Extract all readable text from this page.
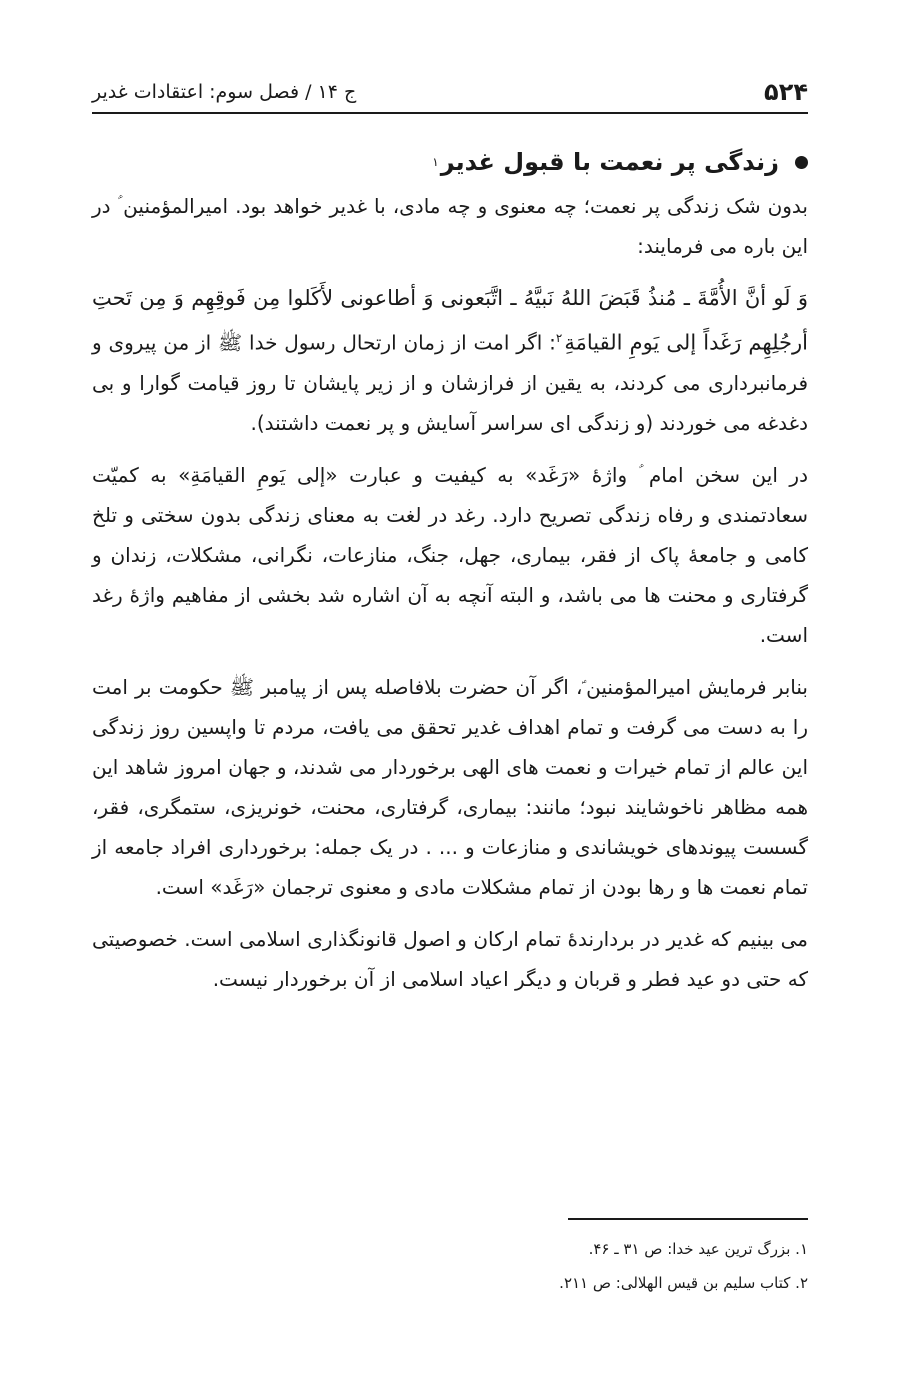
۵۲۴
ج ۱۴ / فصل سوم: اعتقادات غدیر
زندگی پر نعمت با قبول غدیر
۱

بدون شک زندگی پر نعمت؛ چه معنوی و چه مادی، با غدیر خواهد بود. امیرالمؤمنین ؑ در این باره می فرمایند:

وَ لَو أنَّ الأُمَّةَ ـ مُنذُ قَبَضَ اللهُ نَبیَّهُ ـ اتَّبَعونی وَ أطاعونی لأَکَلوا مِن فَوقِهِم وَ مِن تَحتِ أرجُلِهِم رَغَداً إلی یَومِ القیامَةِ$^۲$: اگر امت از زمان ارتحال رسول خدا ﷺ از من پیروی و فرمانبرداری می کردند، به یقین از فرازشان و از زیر پایشان تا روز قیامت گوارا و بی دغدغه می خوردند (و زندگی ای سراسر آسایش و پر نعمت داشتند).

در این سخن امام ؑ واژهٔ «رَغَد» به کیفیت و عبارت «إلی یَومِ القیامَةِ» به کمیّت سعادتمندی و رفاه زندگی تصریح دارد. رغد در لغت به معنای زندگی بدون سختی و تلخ کامی و جامعهٔ پاک از فقر، بیماری، جهل، جنگ، منازعات، نگرانی، مشکلات، زندان و گرفتاری و محنت ها می باشد، و البته آنچه به آن اشاره شد بخشی از مفاهیم واژهٔ رغد است.

بنابر فرمایش امیرالمؤمنین ؑ، اگر آن حضرت بلافاصله پس از پیامبر ﷺ حکومت بر امت را به دست می گرفت و تمام اهداف غدیر تحقق می یافت، مردم تا واپسین روز زندگی این عالم از تمام خیرات و نعمت های الهی برخوردار می شدند، و جهان امروز شاهد این همه مظاهر ناخوشایند نبود؛ مانند: بیماری، گرفتاری، محنت، خونریزی، ستمگری، فقر، گسست پیوندهای خویشاندی و منازعات و ... . در یک جمله: برخورداری افراد جامعه از تمام نعمت ها و رها بودن از تمام مشکلات مادی و معنوی ترجمان «رَغَد» است.

می بینیم که غدیر در بردارندهٔ تمام ارکان و اصول قانونگذاری اسلامی است. خصوصیتی که حتی دو عید فطر و قربان و دیگر اعیاد اسلامی از آن برخوردار نیست.

۱. بزرگ ترین عید خدا: ص ۳۱ ـ ۴۶.

۲. کتاب سلیم بن قیس الهلالی: ص ۲۱۱.
